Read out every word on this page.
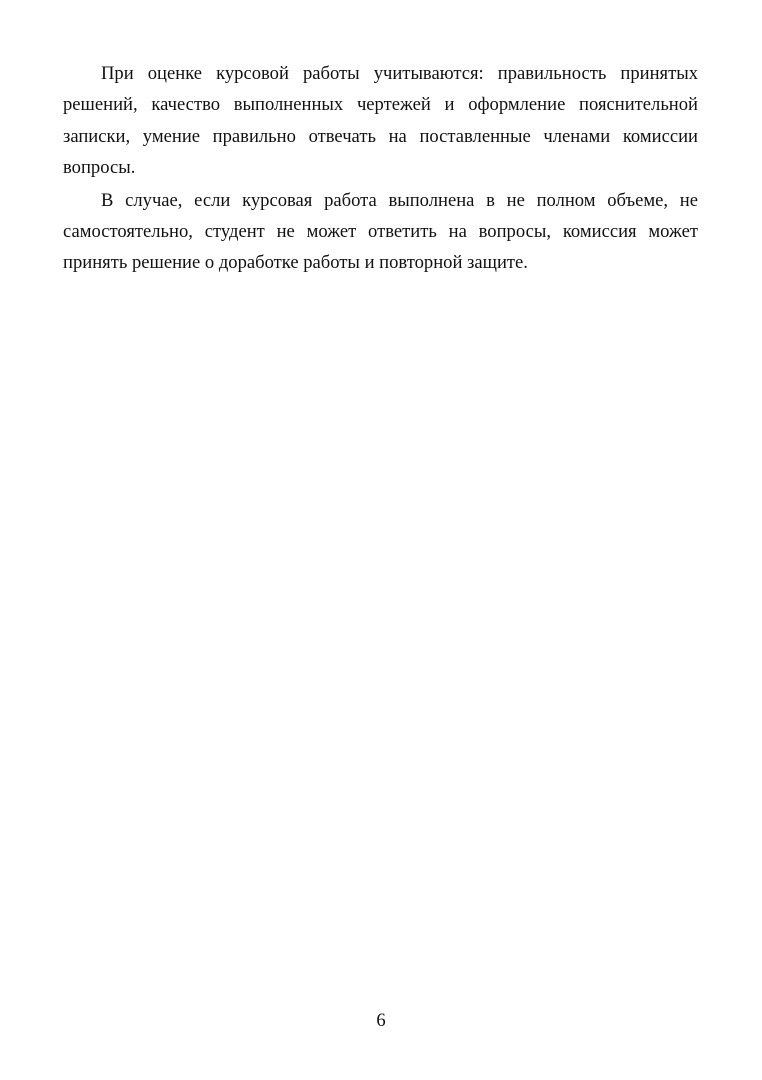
При оценке курсовой работы учитываются: правильность принятых решений, качество выполненных чертежей и оформление пояснительной записки, умение правильно отвечать на поставленные членами комиссии вопросы.

В случае, если курсовая работа выполнена в не полном объеме, не самостоятельно, студент не может ответить на вопросы, комиссия может принять решение о доработке работы и повторной защите.

6
